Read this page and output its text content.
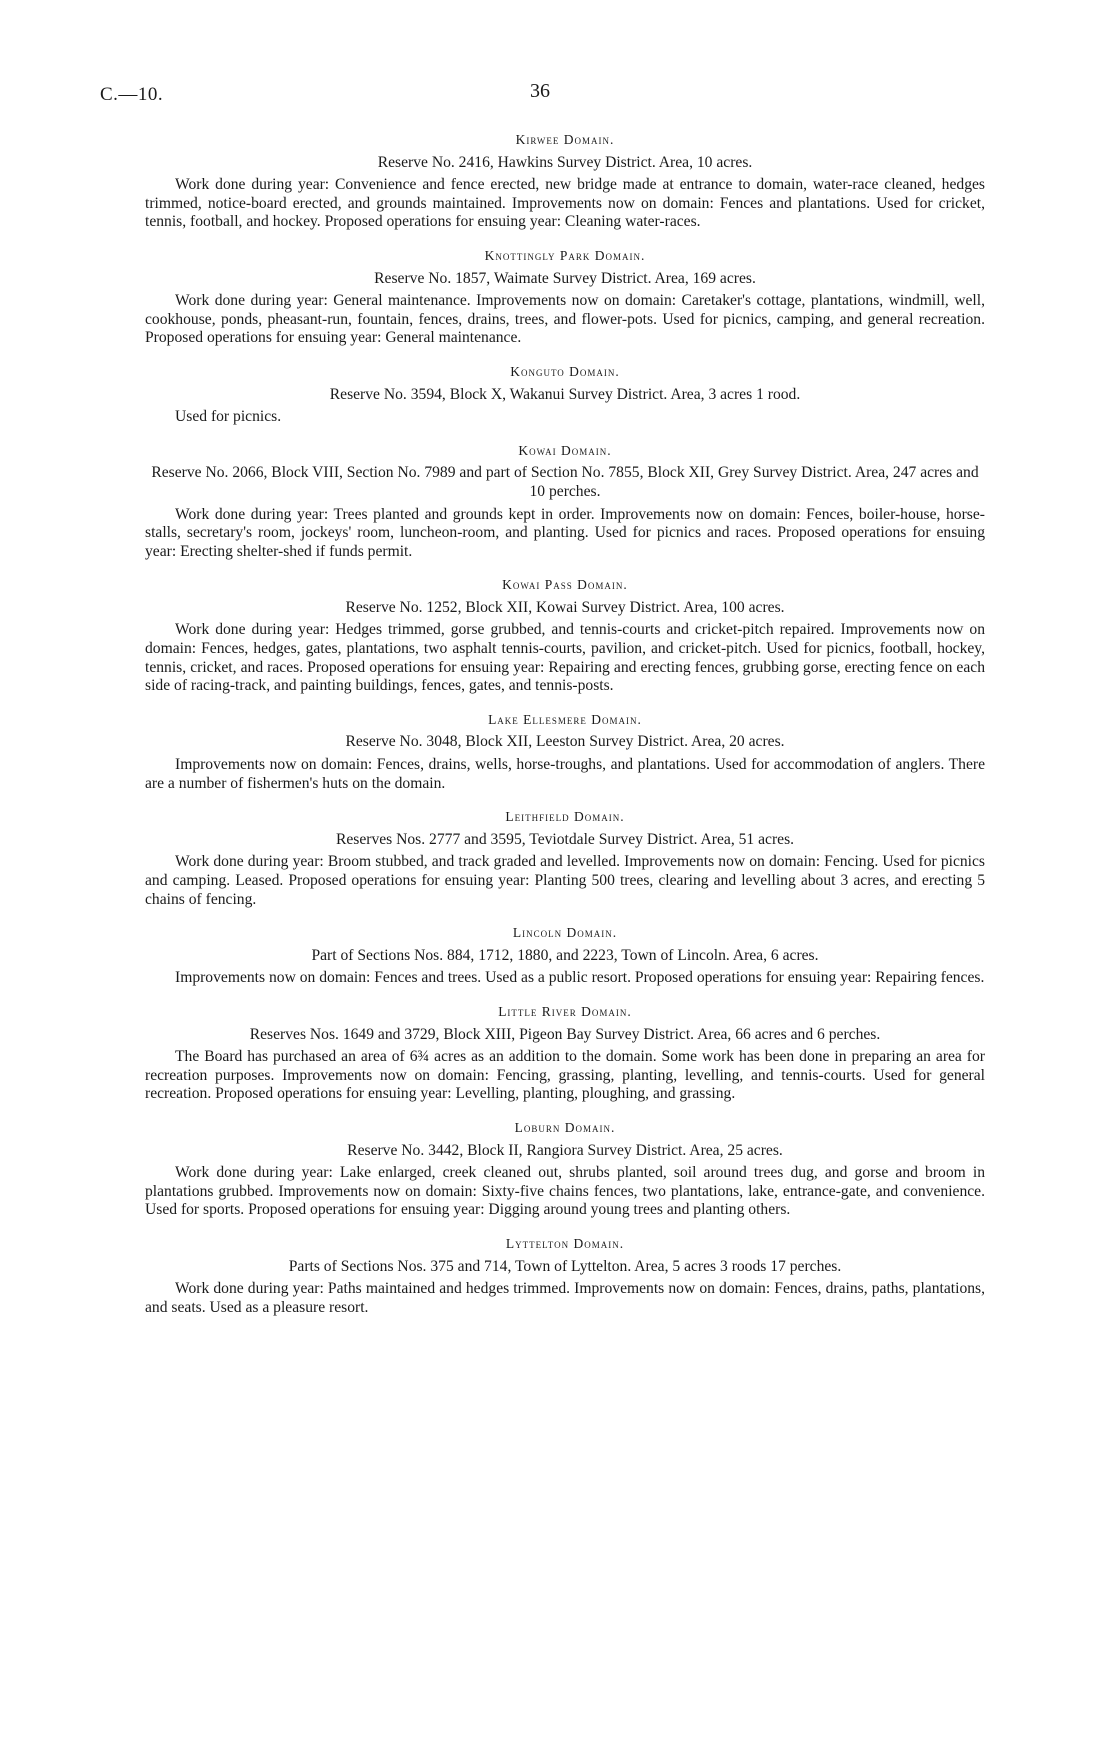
C.—10.	36
Kirwee Domain.
Reserve No. 2416, Hawkins Survey District. Area, 10 acres.

Work done during year: Convenience and fence erected, new bridge made at entrance to domain, water-race cleaned, hedges trimmed, notice-board erected, and grounds maintained. Improvements now on domain: Fences and plantations. Used for cricket, tennis, football, and hockey. Proposed operations for ensuing year: Cleaning water-races.

Knottingly Park Domain.
Reserve No. 1857, Waimate Survey District. Area, 169 acres.

Work done during year: General maintenance. Improvements now on domain: Caretaker's cottage, plantations, windmill, well, cookhouse, ponds, pheasant-run, fountain, fences, drains, trees, and flower-pots. Used for picnics, camping, and general recreation. Proposed operations for ensuing year: General maintenance.

Konguto Domain.
Reserve No. 3594, Block X, Wakanui Survey District. Area, 3 acres 1 rood.

Used for picnics.

Kowai Domain.
Reserve No. 2066, Block VIII, Section No. 7989 and part of Section No. 7855, Block XII, Grey Survey District. Area, 247 acres and 10 perches.

Work done during year: Trees planted and grounds kept in order. Improvements now on domain: Fences, boiler-house, horse-stalls, secretary's room, jockeys' room, luncheon-room, and planting. Used for picnics and races. Proposed operations for ensuing year: Erecting shelter-shed if funds permit.

Kowai Pass Domain.
Reserve No. 1252, Block XII, Kowai Survey District. Area, 100 acres.

Work done during year: Hedges trimmed, gorse grubbed, and tennis-courts and cricket-pitch repaired. Improvements now on domain: Fences, hedges, gates, plantations, two asphalt tennis-courts, pavilion, and cricket-pitch. Used for picnics, football, hockey, tennis, cricket, and races. Proposed operations for ensuing year: Repairing and erecting fences, grubbing gorse, erecting fence on each side of racing-track, and painting buildings, fences, gates, and tennis-posts.

Lake Ellesmere Domain.
Reserve No. 3048, Block XII, Leeston Survey District. Area, 20 acres.

Improvements now on domain: Fences, drains, wells, horse-troughs, and plantations. Used for accommodation of anglers. There are a number of fishermen's huts on the domain.

Leithfield Domain.
Reserves Nos. 2777 and 3595, Teviotdale Survey District. Area, 51 acres.

Work done during year: Broom stubbed, and track graded and levelled. Improvements now on domain: Fencing. Used for picnics and camping. Leased. Proposed operations for ensuing year: Planting 500 trees, clearing and levelling about 3 acres, and erecting 5 chains of fencing.

Lincoln Domain.
Part of Sections Nos. 884, 1712, 1880, and 2223, Town of Lincoln. Area, 6 acres.

Improvements now on domain: Fences and trees. Used as a public resort. Proposed operations for ensuing year: Repairing fences.

Little River Domain.
Reserves Nos. 1649 and 3729, Block XIII, Pigeon Bay Survey District. Area, 66 acres and 6 perches.

The Board has purchased an area of 6¾ acres as an addition to the domain. Some work has been done in preparing an area for recreation purposes. Improvements now on domain: Fencing, grassing, planting, levelling, and tennis-courts. Used for general recreation. Proposed operations for ensuing year: Levelling, planting, ploughing, and grassing.

Loburn Domain.
Reserve No. 3442, Block II, Rangiora Survey District. Area, 25 acres.

Work done during year: Lake enlarged, creek cleaned out, shrubs planted, soil around trees dug, and gorse and broom in plantations grubbed. Improvements now on domain: Sixty-five chains fences, two plantations, lake, entrance-gate, and convenience. Used for sports. Proposed operations for ensuing year: Digging around young trees and planting others.

Lyttelton Domain.
Parts of Sections Nos. 375 and 714, Town of Lyttelton. Area, 5 acres 3 roods 17 perches.

Work done during year: Paths maintained and hedges trimmed. Improvements now on domain: Fences, drains, paths, plantations, and seats. Used as a pleasure resort.
